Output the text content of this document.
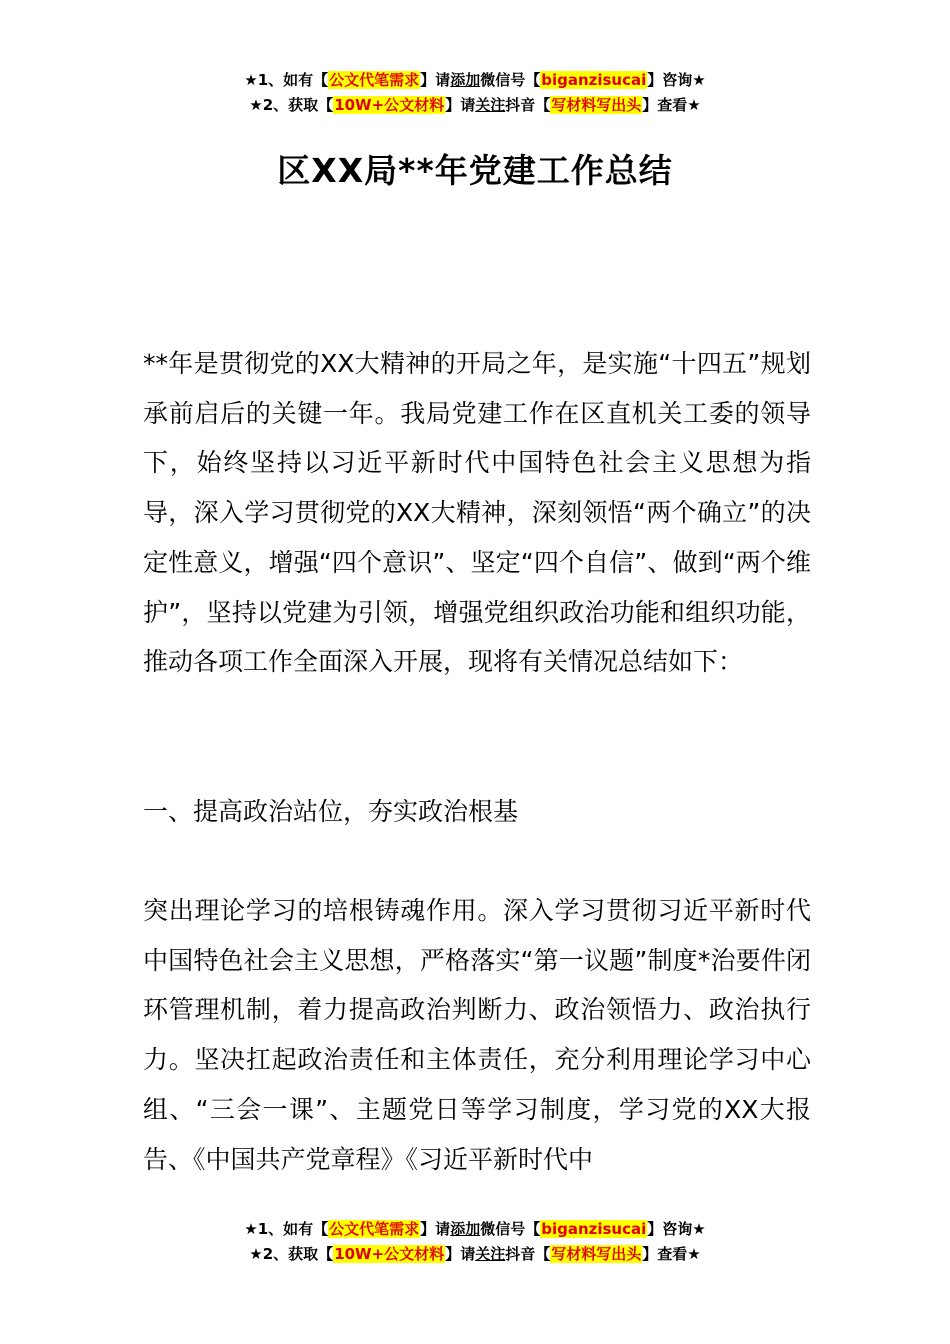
★1、如有【公文代笔需求】请添加微信号【biganzisucai】咨询★
★2、获取【10W+公文材料】请关注抖音【写材料写出头】查看★
区XX局**年党建工作总结

**年是贯彻党的XX大精神的开局之年，是实施“十四五”规划承前启后的关键一年。我局党建工作在区直机关工委的领导下，始终坚持以习近平新时代中国特色社会主义思想为指导，深入学习贯彻党的XX大精神，深刻领悟“两个确立”的决定性意义，增强“四个意识”、坚定“四个自信”、做到“两个维护”，坚持以党建为引领，增强党组织政治功能和组织功能，推动各项工作全面深入开展，现将有关情况总结如下：

一、提高政治站位，夯实政治根基

突出理论学习的培根铸魂作用。深入学习贯彻习近平新时代中国特色社会主义思想，严格落实“第一议题”制度*治要件闭环管理机制，着力提高政治判断力、政治领悟力、政治执行力。坚决扛起政治责任和主体责任，充分利用理论学习中心组、“三会一课”、主题党日等学习制度，学习党的XX大报告、《中国共产党章程》《习近平新时代中

★1、如有【公文代笔需求】请添加微信号【biganzisucai】咨询★
★2、获取【10W+公文材料】请关注抖音【写材料写出头】查看★
